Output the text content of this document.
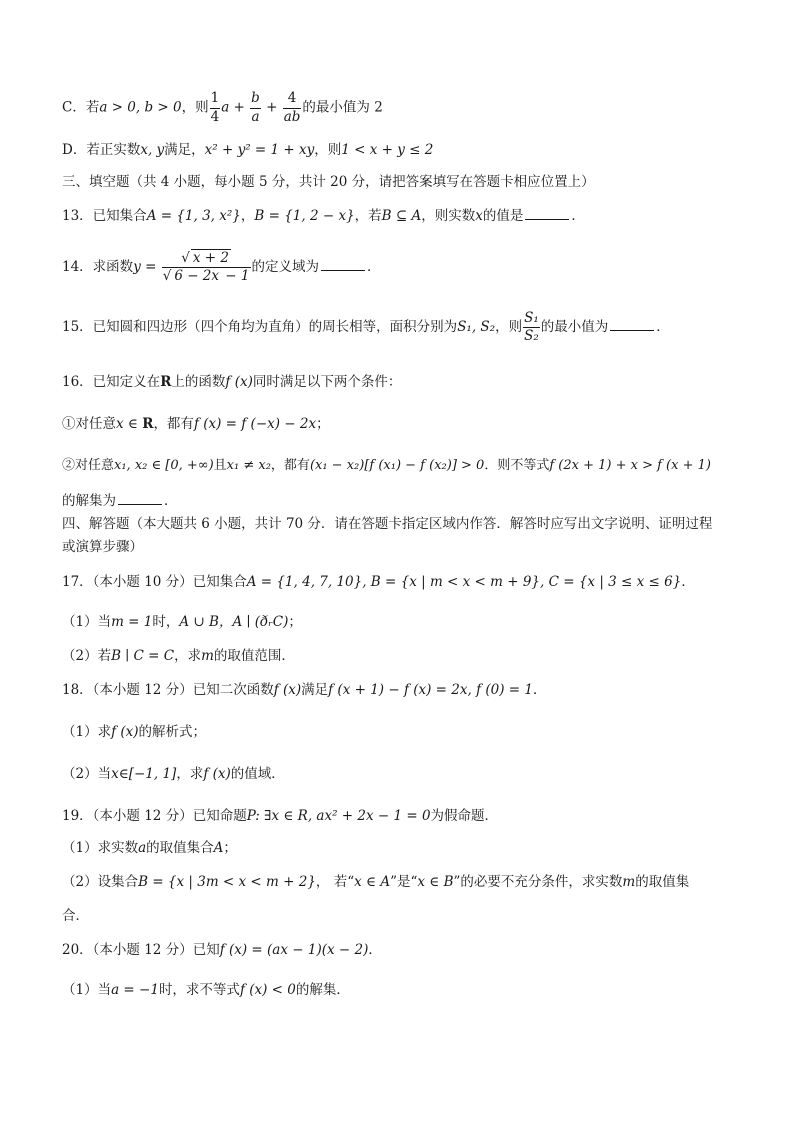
C．若a > 0, b > 0，则 $\frac{1}{4}$ $a + \frac{b}{a} + \frac{4}{ab}$ 的最小值为 2
D．若正实数x, y满足，x² + y² = 1 + xy，则1 < x + y ≤ 2
三、填空题（共 4 小题，每小题 5 分，共计 20 分，请把答案填写在答题卡相应位置上）
13．已知集合A = {1, 3, x²}，B = {1, 2 − x}，若B ⊆ A，则实数x的值是	．
14．求函数$y = \frac{√ x + 2}{√ 6 - 2x - 1}$ 的定义域为	．
15．已知圆和四边形（四个角均为直角）的周长相等，面积分别为S₁, S₂，则 $\frac{\text{S₁}}{\text{S₂}}$ 的最小值为	．
16．已知定义在R上的函数f (x)同时满足以下两个条件：
①对任意x ∈ R，都有f (x) = f (−x) − 2x；
②对任意x₁, x₂ ∈ [0, +∞)且x₁ ≠ x₂，都有(x₁ − x₂)[f (x₁) − f (x₂)] > 0．则不等式f (2x + 1) + x > f (x + 1)
的解集为	．
四、解答题（本大题共 6 小题，共计 70 分．请在答题卡指定区域内作答．解答时应写出文字说明、证明过程
或演算步骤）
17．（本小题 10 分）已知集合A = {1, 4, 7, 10}, B = {x | m < x < m + 9}, C = {x | 3 ≤ x ≤ 6}．
（1）当m = 1时，A ∪ B，A ∣ (ðᵣC)；
（2）若B ∣ C = C，求m的取值范围．
18．（本小题 12 分）已知二次函数f (x)满足f (x + 1) − f (x) = 2x, f (0) = 1．
（1）求f (x)的解析式；
（2）当x∈[−1, 1]，求f (x)的值域．
19．（本小题 12 分）已知命题P: ∃x ∈ R, ax² + 2x − 1 = 0为假命题．
（1）求实数a的取值集合A；
（2）设集合B = {x | 3m < x < m + 2}， 若“x ∈ A”是“x ∈ B”的必要不充分条件，求实数m的取值集
合．
20．（本小题 12 分）已知f (x) = (ax − 1)(x − 2)．
（1）当a = −1时，求不等式f (x) < 0的解集．
